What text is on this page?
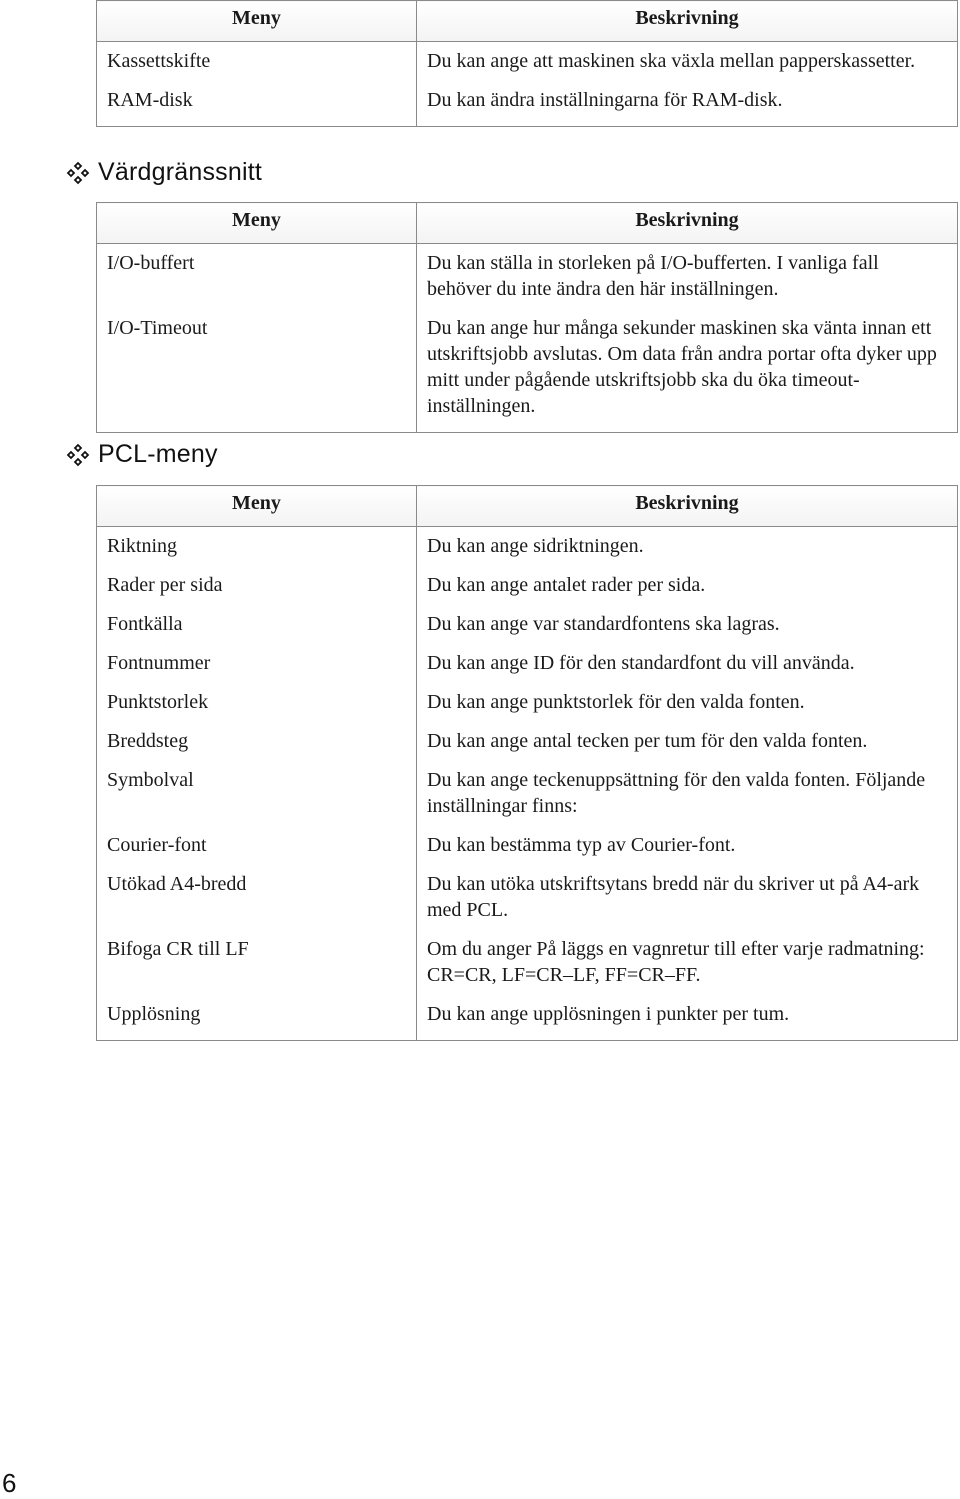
Meny	Beskrivning

Kassettskifte	Du kan ange att maskinen ska växla mellan papperskassetter.

RAM-disk	Du kan ändra inställningarna för RAM-disk.
Värdgränssnitt
Meny	Beskrivning

I/O-buffert	Du kan ställa in storleken på I/O-bufferten. I vanliga fall behöver du inte ändra den här inställningen.

I/O-Timeout	Du kan ange hur många sekunder maskinen ska vänta innan ett utskriftsjobb avslutas. Om data från andra portar ofta dyker upp mitt under pågående utskriftsjobb ska du öka timeout-inställningen.
PCL-meny
Meny	Beskrivning

Riktning	Du kan ange sidriktningen.

Rader per sida	Du kan ange antalet rader per sida.

Fontkälla	Du kan ange var standardfontens ska lagras.

Fontnummer	Du kan ange ID för den standardfont du vill använda.

Punktstorlek	Du kan ange punktstorlek för den valda fonten.

Breddsteg	Du kan ange antal tecken per tum för den valda fonten.

Symbolval	Du kan ange teckenuppsättning för den valda fonten. Följande inställningar finns:

Courier-font	Du kan bestämma typ av Courier-font.

Utökad A4-bredd	Du kan utöka utskriftsytans bredd när du skriver ut på A4-ark med PCL.

Bifoga CR till LF	Om du anger På läggs en vagnretur till efter varje radmatning: CR=CR, LF=CR–LF, FF=CR–FF.

Upplösning	Du kan ange upplösningen i punkter per tum.
6
